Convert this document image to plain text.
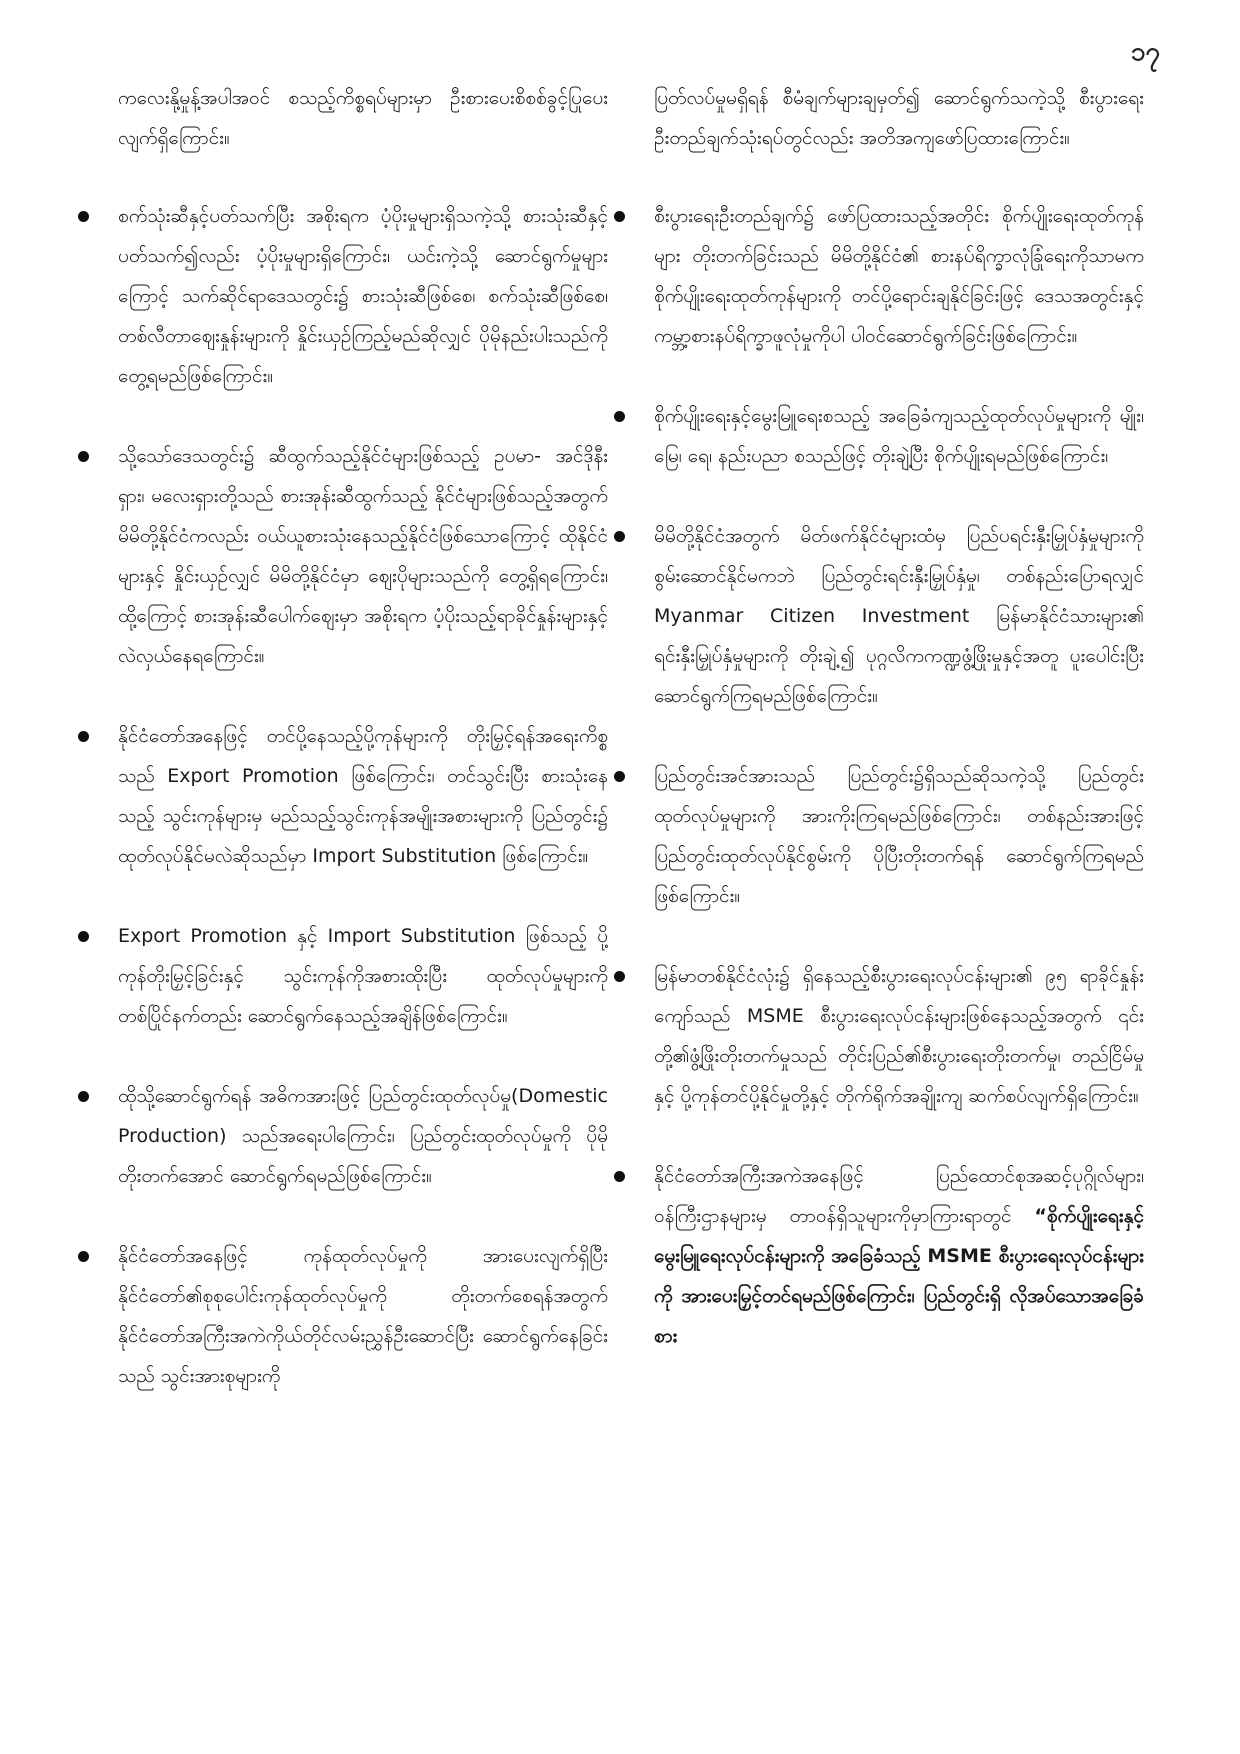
၁၇

ကလေးနို့မှုန့်အပါအဝင် စသည့်ကိစ္စရပ်များမှာ ဦးစားပေးစိစစ်ခွင့်ပြုပေးလျက်ရှိကြောင်း။

စက်သုံးဆီနှင့်ပတ်သက်ပြီး အစိုးရက ပံ့ပိုးမှုများရှိသကဲ့သို့ စားသုံးဆီနှင့်ပတ်သက်၍လည်း ပံ့ပိုးမှုများရှိကြောင်း၊ ယင်းကဲ့သို့ ဆောင်ရွက်မှုများကြောင့် သက်ဆိုင်ရာဒေသတွင်း၌ စားသုံးဆီဖြစ်စေ၊ စက်သုံးဆီဖြစ်စေ၊ တစ်လီတာဈေးနှုန်းများကို နှိုင်းယှဉ်ကြည့်မည်ဆိုလျှင် ပိုမိုနည်းပါးသည်ကို တွေ့ရမည်ဖြစ်ကြောင်း။
သို့သော်ဒေသတွင်း၌ ဆီထွက်သည့်နိုင်ငံများဖြစ်သည့် ဥပမာ- အင်ဒိုနီးရှား၊ မလေးရှားတို့သည် စားအုန်းဆီထွက်သည့် နိုင်ငံများဖြစ်သည့်အတွက် မိမိတို့နိုင်ငံကလည်း ဝယ်ယူစားသုံးနေသည့်နိုင်ငံဖြစ်သောကြောင့် ထိုနိုင်ငံများနှင့် နှိုင်းယှဉ်လျှင် မိမိတို့နိုင်ငံမှာ ဈေးပိုများသည်ကို တွေ့ရှိရကြောင်း၊ ထို့ကြောင့် စားအုန်းဆီပေါက်ဈေးမှာ အစိုးရက ပံ့ပိုးသည့်ရာခိုင်နှုန်းများနှင့်လဲလှယ်နေရကြောင်း။
နိုင်ငံတော်အနေဖြင့် တင်ပို့နေသည့်ပို့ကုန်များကို တိုးမြှင့်ရန်အရေးကိစ္စသည် Export Promotion ဖြစ်ကြောင်း၊ တင်သွင်းပြီး စားသုံးနေသည့် သွင်းကုန်များမှ မည်သည့်သွင်းကုန်အမျိုးအစားများကို ပြည်တွင်း၌ ထုတ်လုပ်နိုင်မလဲဆိုသည်မှာ Import Substitution ဖြစ်ကြောင်း။
Export Promotion နှင့် Import Substitution ဖြစ်သည့် ပို့ကုန်တိုးမြှင့်ခြင်းနှင့် သွင်းကုန်ကိုအစားထိုးပြီး ထုတ်လုပ်မှုများကို တစ်ပြိုင်နက်တည်း ဆောင်ရွက်နေသည့်အချိန်ဖြစ်ကြောင်း။
ထိုသို့ဆောင်ရွက်ရန် အဓိကအားဖြင့် ပြည်တွင်းထုတ်လုပ်မှု(Domestic Production) သည်အရေးပါကြောင်း၊ ပြည်တွင်းထုတ်လုပ်မှုကို ပိုမိုတိုးတက်အောင် ဆောင်ရွက်ရမည်ဖြစ်ကြောင်း။
နိုင်ငံတော်အနေဖြင့် ကုန်ထုတ်လုပ်မှုကို အားပေးလျက်ရှိပြီး နိုင်ငံတော်၏စုစုပေါင်းကုန်ထုတ်လုပ်မှုကို တိုးတက်စေရန်အတွက် နိုင်ငံတော်အကြီးအကဲကိုယ်တိုင်လမ်းညွှန်ဦးဆောင်ပြီး ဆောင်ရွက်နေခြင်းသည် သွင်းအားစုများကို

ပြတ်လပ်မှုမရှိရန် စီမံချက်များချမှတ်၍ ဆောင်ရွက်သကဲ့သို့ စီးပွားရေးဦးတည်ချက်သုံးရပ်တွင်လည်း အတိအကျဖော်ပြထားကြောင်း။

စီးပွားရေးဦးတည်ချက်၌ ဖော်ပြထားသည့်အတိုင်း စိုက်ပျိုးရေးထုတ်ကုန်များ တိုးတက်ခြင်းသည် မိမိတို့နိုင်ငံ၏ စားနပ်ရိက္ခာလုံခြုံရေးကိုသာမက စိုက်ပျိုးရေးထုတ်ကုန်များကို တင်ပို့ရောင်းချနိုင်ခြင်းဖြင့် ဒေသအတွင်းနှင့် ကမ္ဘာ့စားနပ်ရိက္ခာဖူလုံမှုကိုပါ ပါဝင်ဆောင်ရွက်ခြင်းဖြစ်ကြောင်း။
စိုက်ပျိုးရေးနှင့်မွေးမြူရေးစသည့် အခြေခံကျသည့်ထုတ်လုပ်မှုများကို မျိုး၊ မြေ၊ ရေ၊ နည်းပညာ စသည်ဖြင့် တိုးချဲ့ပြီး စိုက်ပျိုးရမည်ဖြစ်ကြောင်း၊
မိမိတို့နိုင်ငံအတွက် မိတ်ဖက်နိုင်ငံများထံမှ ပြည်ပရင်းနှီးမြှုပ်နှံမှုများကို စွမ်းဆောင်နိုင်မကဘဲ ပြည်တွင်းရင်းနှီးမြှုပ်နှံမှု၊ တစ်နည်းပြောရလျှင် Myanmar Citizen Investment မြန်မာနိုင်ငံသားများ၏ ရင်းနှီးမြှုပ်နှံမှုများကို တိုးချဲ့၍ ပုဂ္ဂလိကကဏ္ဍဖွံ့ဖြိုးမှုနှင့်အတူ ပူးပေါင်းပြီး ဆောင်ရွက်ကြရမည်ဖြစ်ကြောင်း။
ပြည်တွင်းအင်အားသည် ပြည်တွင်း၌ရှိသည်ဆိုသကဲ့သို့ ပြည်တွင်းထုတ်လုပ်မှုများကို အားကိုးကြရမည်ဖြစ်ကြောင်း၊ တစ်နည်းအားဖြင့် ပြည်တွင်းထုတ်လုပ်နိုင်စွမ်းကို ပိုပြီးတိုးတက်ရန် ဆောင်ရွက်ကြရမည်ဖြစ်ကြောင်း။
မြန်မာတစ်နိုင်ငံလုံး၌ ရှိနေသည့်စီးပွားရေးလုပ်ငန်းများ၏ ၉၅ ရာခိုင်နှုန်းကျော်သည် MSME စီးပွားရေးလုပ်ငန်းများဖြစ်နေသည့်အတွက် ၎င်းတို့၏ဖွံ့ဖြိုးတိုးတက်မှုသည် တိုင်းပြည်၏စီးပွားရေးတိုးတက်မှု၊ တည်ငြိမ်မှုနှင့် ပို့ကုန်တင်ပို့နိုင်မှုတို့နှင့် တိုက်ရိုက်အချိုးကျ ဆက်စပ်လျက်ရှိကြောင်း။
နိုင်ငံတော်အကြီးအကဲအနေဖြင့် ပြည်ထောင်စုအဆင့်ပုဂ္ဂိုလ်များ၊ ဝန်ကြီးဌာနများမှ တာဝန်ရှိသူများကိုမှာကြားရာတွင် “စိုက်ပျိုးရေးနှင့် မွေးမြူရေးလုပ်ငန်းများကို အခြေခံသည့် MSME စီးပွားရေးလုပ်ငန်းများကို အားပေးမြှင့်တင်ရမည်ဖြစ်ကြောင်း၊ ပြည်တွင်းရှိ လိုအပ်သောအခြေခံစား
